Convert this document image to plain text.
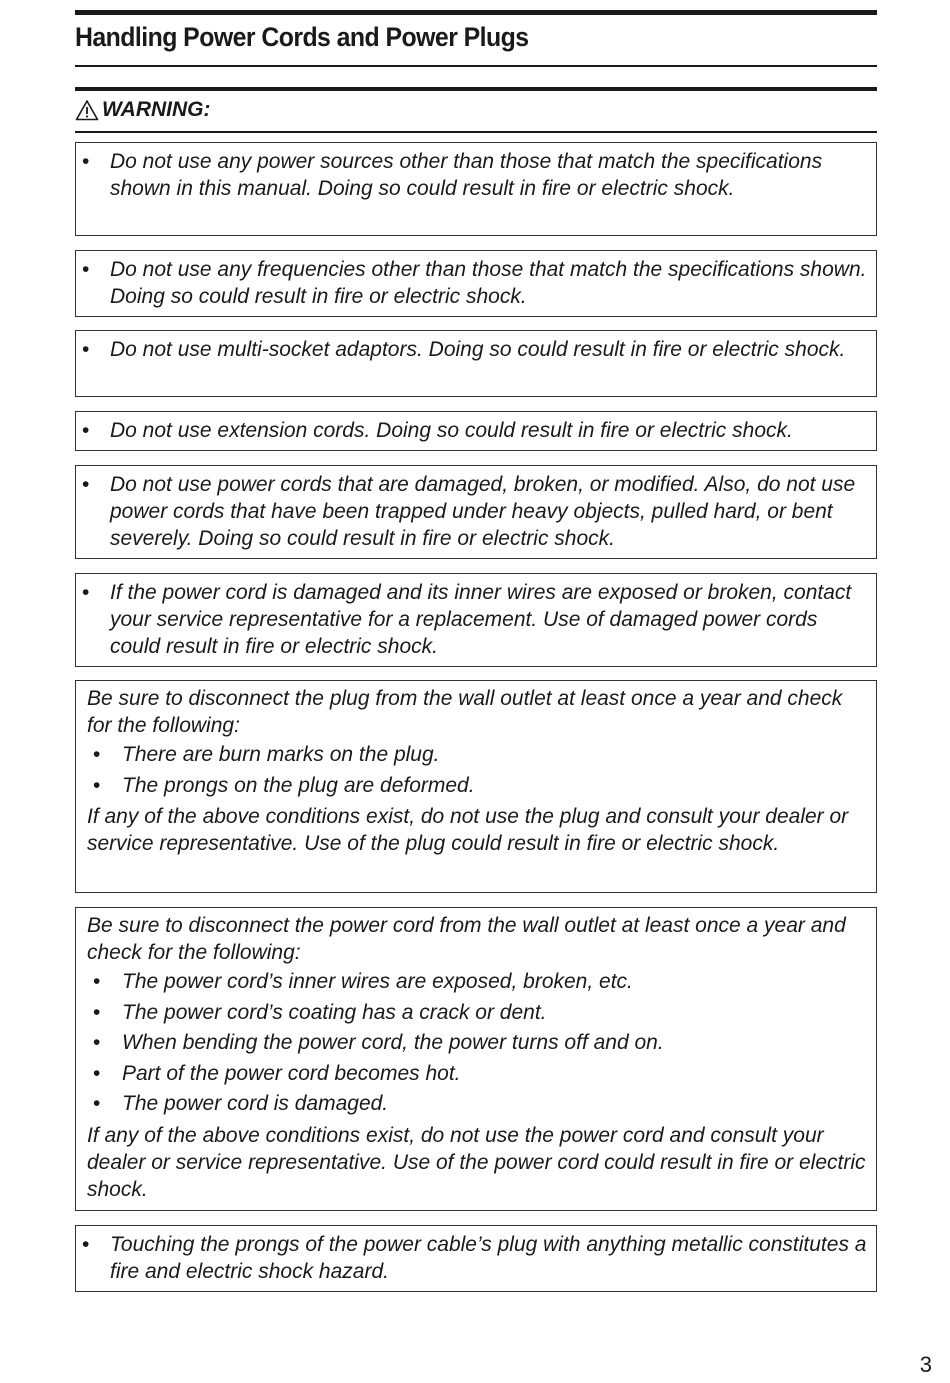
Handling Power Cords and Power Plugs
WARNING:
• Do not use any power sources other than those that match the specifications shown in this manual. Doing so could result in fire or electric shock.
• Do not use any frequencies other than those that match the specifications shown. Doing so could result in fire or electric shock.
• Do not use multi-socket adaptors. Doing so could result in fire or electric shock.
• Do not use extension cords. Doing so could result in fire or electric shock.
• Do not use power cords that are damaged, broken, or modified. Also, do not use power cords that have been trapped under heavy objects, pulled hard, or bent severely. Doing so could result in fire or electric shock.
• If the power cord is damaged and its inner wires are exposed or broken, contact your service representative for a replacement. Use of damaged power cords could result in fire or electric shock.

Be sure to disconnect the plug from the wall outlet at least once a year and check for the following:

• There are burn marks on the plug.
• The prongs on the plug are deformed.

If any of the above conditions exist, do not use the plug and consult your dealer or service representative. Use of the plug could result in fire or electric shock.

Be sure to disconnect the power cord from the wall outlet at least once a year and check for the following:

• The power cord’s inner wires are exposed, broken, etc.
• The power cord’s coating has a crack or dent.
• When bending the power cord, the power turns off and on.
• Part of the power cord becomes hot.
• The power cord is damaged.

If any of the above conditions exist, do not use the power cord and consult your dealer or service representative. Use of the power cord could result in fire or electric shock.

• Touching the prongs of the power cable’s plug with anything metallic constitutes a fire and electric shock hazard.
3
